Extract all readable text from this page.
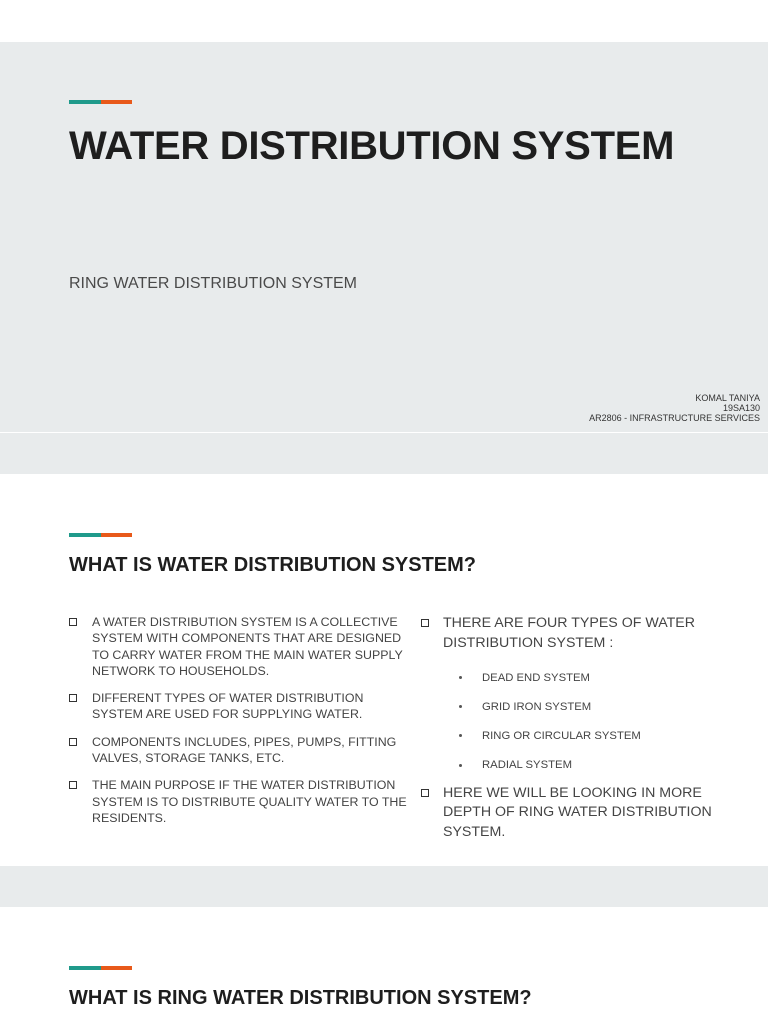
WATER DISTRIBUTION SYSTEM
RING WATER DISTRIBUTION SYSTEM
KOMAL TANIYA
19SA130
AR2806 - INFRASTRUCTURE SERVICES
WHAT IS WATER DISTRIBUTION SYSTEM?
A WATER DISTRIBUTION SYSTEM IS A COLLECTIVE SYSTEM WITH COMPONENTS THAT ARE DESIGNED TO CARRY WATER FROM THE MAIN WATER SUPPLY NETWORK TO HOUSEHOLDS.
DIFFERENT TYPES OF WATER DISTRIBUTION SYSTEM ARE USED FOR SUPPLYING WATER.
COMPONENTS INCLUDES, PIPES, PUMPS, FITTING VALVES, STORAGE TANKS, ETC.
THE MAIN PURPOSE IF THE WATER DISTRIBUTION SYSTEM IS TO DISTRIBUTE QUALITY WATER TO THE RESIDENTS.
THERE ARE FOUR TYPES OF WATER DISTRIBUTION SYSTEM :
DEAD END SYSTEM
GRID IRON SYSTEM
RING OR CIRCULAR SYSTEM
RADIAL SYSTEM
HERE WE WILL BE LOOKING IN MORE DEPTH OF RING WATER DISTRIBUTION SYSTEM.
WHAT IS RING WATER DISTRIBUTION SYSTEM?
